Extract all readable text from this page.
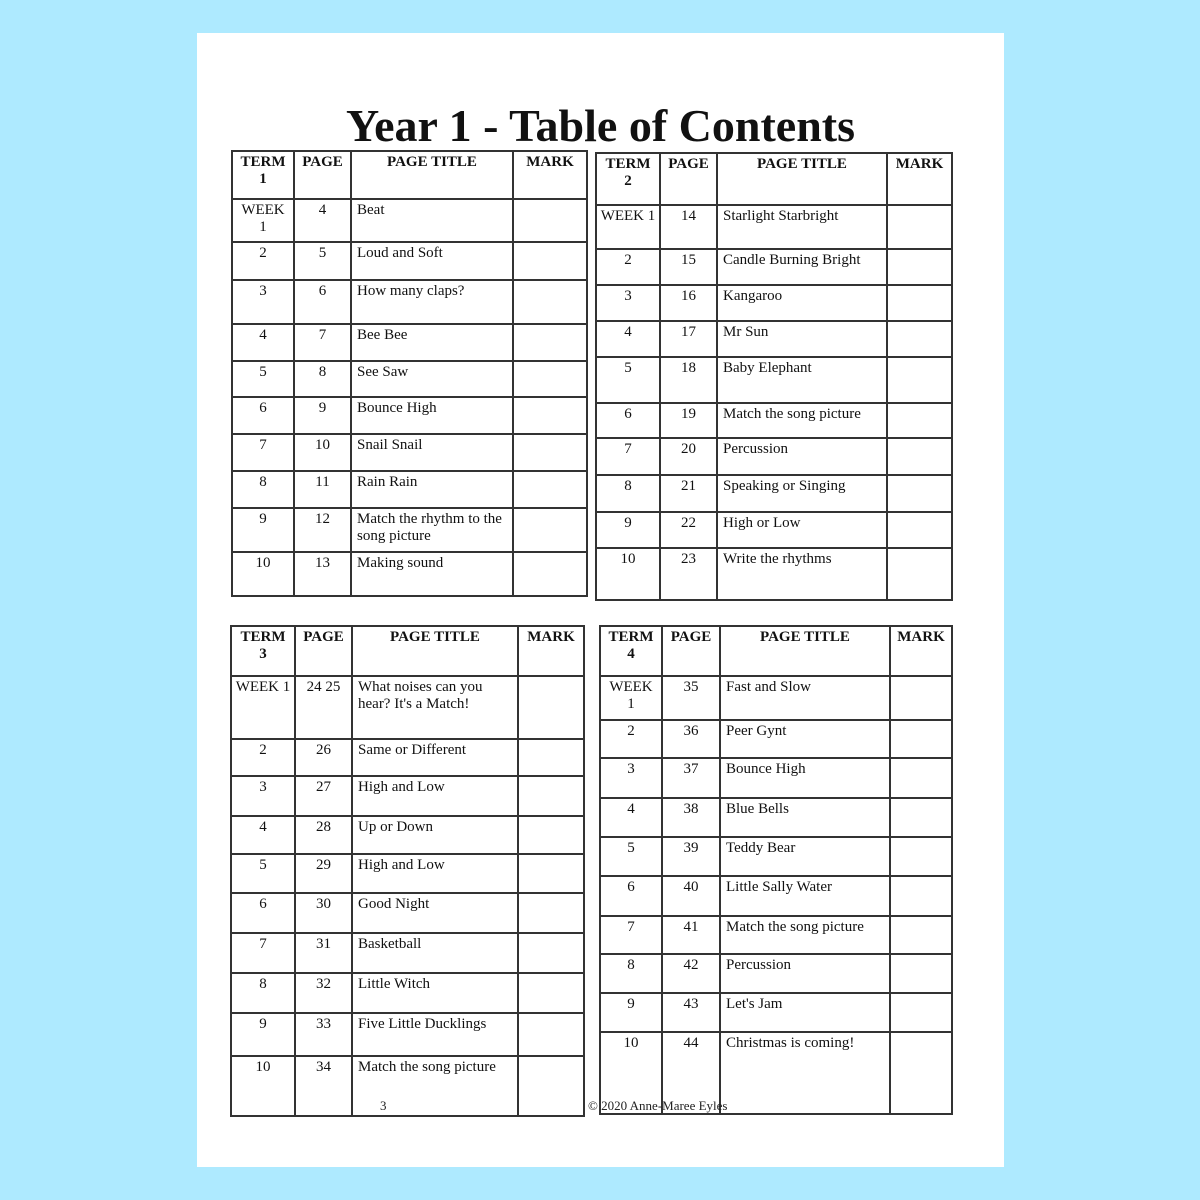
Year 1 - Table of Contents
TERM
1	PAGE	PAGE TITLE	MARK
WEEK 1	4	Beat	
2	5	Loud and Soft	
3	6	How many claps?	
4	7	Bee Bee	
5	8	See Saw	
6	9	Bounce High	
7	10	Snail Snail	
8	11	Rain Rain	
9	12	Match the rhythm to the song picture	
10	13	Making sound	
TERM
2	PAGE	PAGE TITLE	MARK
WEEK 1	14	Starlight Starbright	
2	15	Candle Burning Bright	
3	16	Kangaroo	
4	17	Mr Sun	
5	18	Baby Elephant	
6	19	Match the song picture	
7	20	Percussion	
8	21	Speaking or Singing	
9	22	High or Low	
10	23	Write the rhythms	
TERM
3	PAGE	PAGE TITLE	MARK
WEEK 1	24 25	What noises can you hear? It's a Match!	
2	26	Same or Different	
3	27	High and Low	
4	28	Up or Down	
5	29	High and Low	
6	30	Good Night	
7	31	Basketball	
8	32	Little Witch	
9	33	Five Little Ducklings	
10	34	Match the song picture	
TERM
4	PAGE	PAGE TITLE	MARK
WEEK 1	35	Fast and Slow	
2	36	Peer Gynt	
3	37	Bounce High	
4	38	Blue Bells	
5	39	Teddy Bear	
6	40	Little Sally Water	
7	41	Match the song picture	
8	42	Percussion	
9	43	Let's Jam	
10	44	Christmas is coming!	
3	© 2020 Anne-Maree Eyles
